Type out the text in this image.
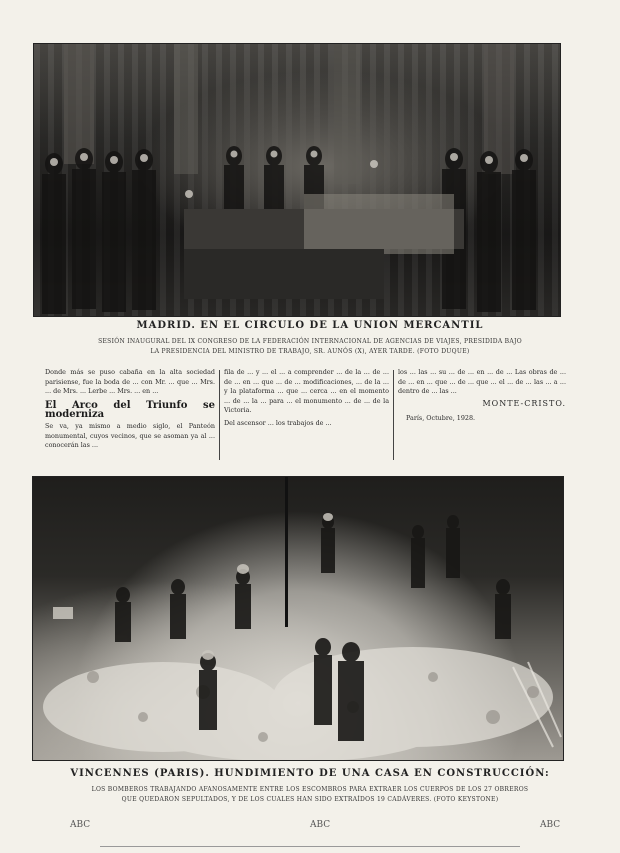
MADRID. EN EL CIRCULO DE LA UNION MERCANTIL
SESIÓN INAUGURAL DEL IX CONGRESO DE LA FEDERACIÓN INTERNACIONAL DE AGENCIAS DE VIAJES, PRESIDIDA BAJO
LA PRESIDENCIA DEL MINISTRO DE TRABAJO, SR. AUNÓS (X), AYER TARDE. (FOTO DUQUE)
Donde más se puso cabaña en la alta sociedad parisiense, fue la boda de ... con Mr. ... que ... Mrs. ... de Mrs. ... Lerbe ... Mrs. ... en ...
El Arco del Triunfo se moderniza
Se va, ya mismo a medio siglo, el Panteón monumental, cuyos vecinos, que se asoman ya al ... conocerán las ...
fila de ... y ... el ... a comprender ... de la ... de ... de ... en ... que ... de ... modificaciones, ... de la ... y la plataforma ... que ... cerca ... en el momento ... de ... la ... para ... el monumento ... de ... de la Victoria.
Del ascensor ... los trabajos de ...
los ... las ... su ... de ... en ... de ... Las obras de ... de ... en ... que ... de ... que ... el ... de ... las ... a ... dentro de ... las ...
MONTE-CRISTO.
París, Octubre, 1928.
VINCENNES (PARIS). HUNDIMIENTO DE UNA CASA EN CONSTRUCCIÓN:
LOS BOMBEROS TRABAJANDO AFANOSAMENTE ENTRE LOS ESCOMBROS PARA EXTRAER LOS CUERPOS DE LOS 27 OBREROS
QUE QUEDARON SEPULTADOS, Y DE LOS CUALES HAN SIDO EXTRAÍDOS 19 CADÁVERES. (FOTO KEYSTONE)
ABC	ABC	ABC
